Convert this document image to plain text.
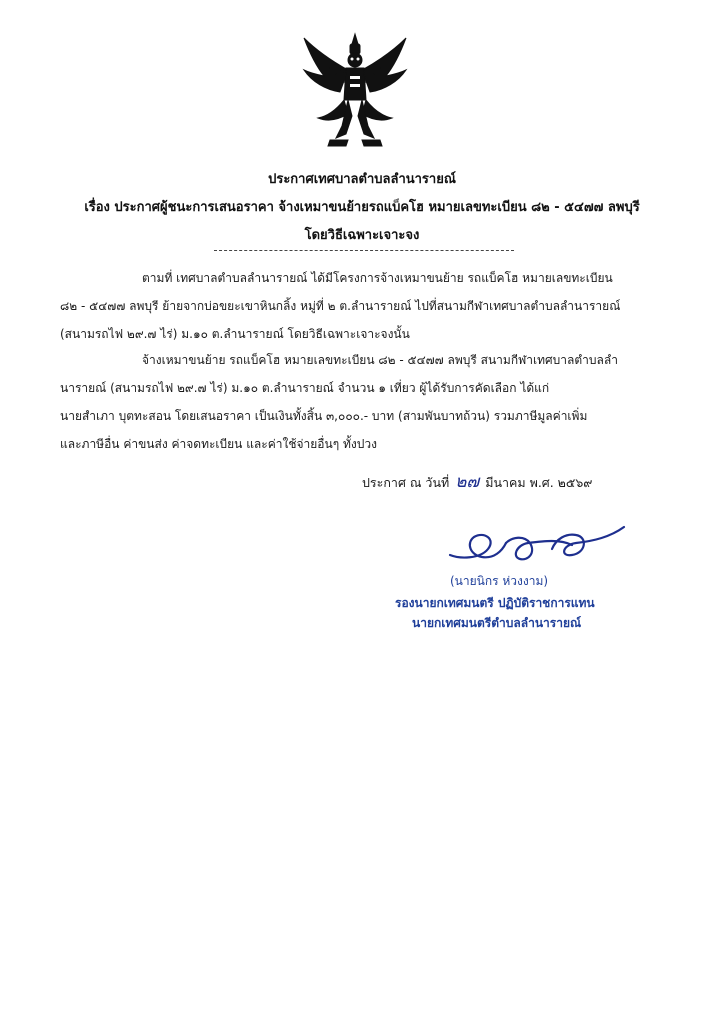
ประกาศเทศบาลตำบลลำนารายณ์
เรื่อง ประกาศผู้ชนะการเสนอราคา จ้างเหมาขนย้ายรถแบ็คโฮ หมายเลขทะเบียน ๘๒ - ๕๔๗๗ ลพบุรี
โดยวิธีเฉพาะเจาะจง
ตามที่ เทศบาลตำบลลำนารายณ์ ได้มีโครงการจ้างเหมาขนย้าย รถแบ็คโฮ หมายเลขทะเบียน
๘๒ - ๕๔๗๗ ลพบุรี ย้ายจากบ่อขยะเขาหินกลิ้ง หมู่ที่ ๒ ต.ลำนารายณ์ ไปที่สนามกีฬาเทศบาลตำบลลำนารายณ์
(สนามรถไฟ ๒๙.๗ ไร่) ม.๑๐ ต.ลำนารายณ์ โดยวิธีเฉพาะเจาะจงนั้น
จ้างเหมาขนย้าย รถแบ็คโฮ หมายเลขทะเบียน ๘๒ - ๕๔๗๗ ลพบุรี สนามกีฬาเทศบาลตำบลลำ
นารายณ์ (สนามรถไฟ ๒๙.๗ ไร่) ม.๑๐ ต.ลำนารายณ์ จำนวน ๑ เที่ยว ผู้ได้รับการคัดเลือก ได้แก่
นายสำเภา บุตทะสอน โดยเสนอราคา เป็นเงินทั้งสิ้น ๓,๐๐๐.- บาท (สามพันบาทถ้วน) รวมภาษีมูลค่าเพิ่ม
และภาษีอื่น ค่าขนส่ง ค่าจดทะเบียน และค่าใช้จ่ายอื่นๆ ทั้งปวง
ประกาศ ณ วันที่ ๒๗ มีนาคม พ.ศ. ๒๕๖๙
(นายนิกร ห่วงงาม)
รองนายกเทศมนตรี ปฏิบัติราชการแทน
นายกเทศมนตรีตำบลลำนารายณ์
